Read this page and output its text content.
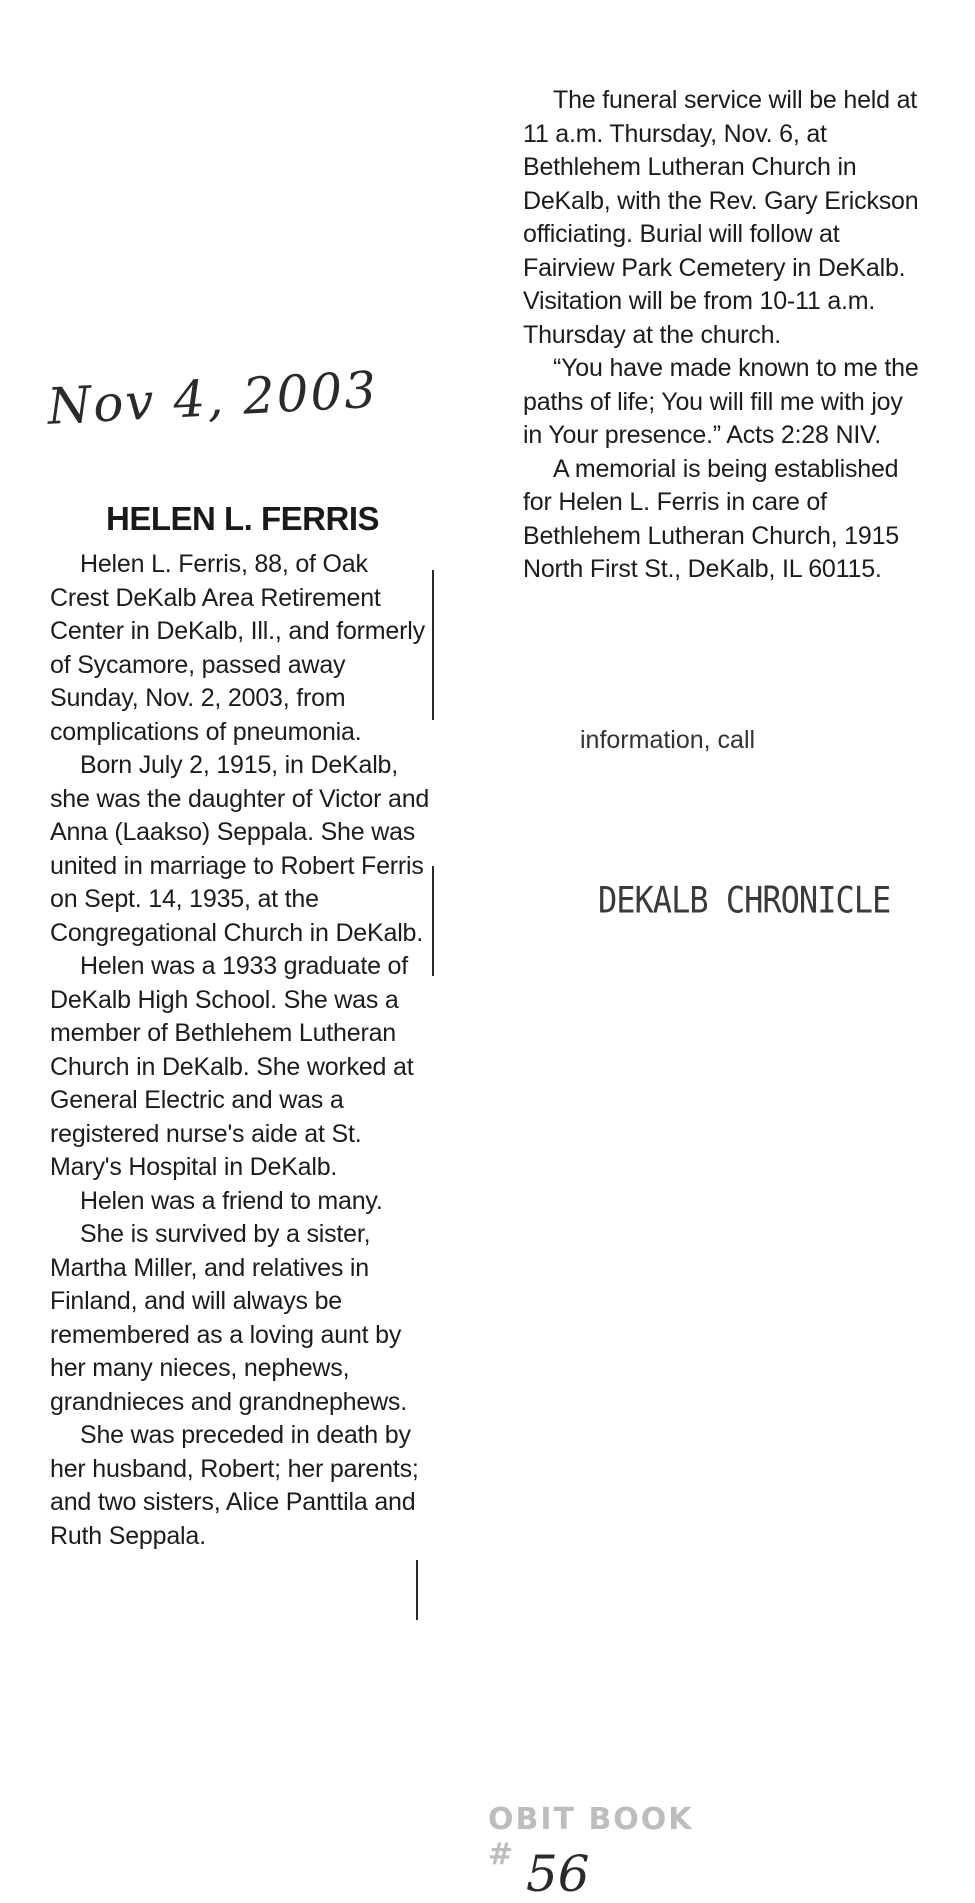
Nov 4, 2003
HELEN L. FERRIS

Helen L. Ferris, 88, of Oak Crest DeKalb Area Retirement Center in DeKalb, Ill., and formerly of Sycamore, passed away Sunday, Nov. 2, 2003, from complications of pneumonia.

Born July 2, 1915, in DeKalb, she was the daughter of Victor and Anna (Laakso) Seppala. She was united in marriage to Robert Ferris on Sept. 14, 1935, at the Congregational Church in DeKalb.

Helen was a 1933 graduate of DeKalb High School. She was a member of Bethlehem Lutheran Church in DeKalb. She worked at General Electric and was a registered nurse's aide at St. Mary's Hospital in DeKalb.

Helen was a friend to many.

She is survived by a sister, Martha Miller, and relatives in Finland, and will always be remembered as a loving aunt by her many nieces, nephews, grandnieces and grandnephews.

She was preceded in death by her husband, Robert; her parents; and two sisters, Alice Panttila and Ruth Seppala.

The funeral service will be held at 11 a.m. Thursday, Nov. 6, at Bethlehem Lutheran Church in DeKalb, with the Rev. Gary Erickson officiating. Burial will follow at Fairview Park Cemetery in DeKalb. Visitation will be from 10-11 a.m. Thursday at the church.

“You have made known to me the paths of life; You will fill me with joy in Your presence.” Acts 2:28 NIV.

A memorial is being established for Helen L. Ferris in care of Bethlehem Lutheran Church, 1915 North First St., DeKalb, IL 60115.

information, call
DEKALB CHRONICLE
OBIT BOOK # 56
